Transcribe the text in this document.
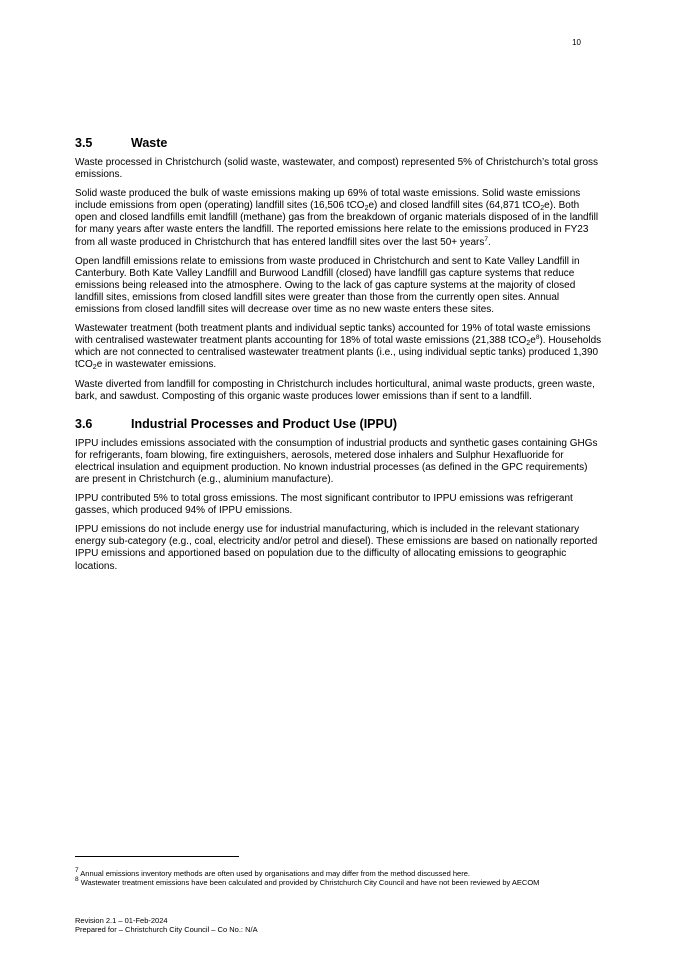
10
3.5	Waste

Waste processed in Christchurch (solid waste, wastewater, and compost) represented 5% of Christchurch’s total gross emissions.

Solid waste produced the bulk of waste emissions making up 69% of total waste emissions. Solid waste emissions include emissions from open (operating) landfill sites (16,506 tCO$_2$e) and closed landfill sites (64,871 tCO$_2$e). Both open and closed landfills emit landfill (methane) gas from the breakdown of organic materials disposed of in the landfill for many years after waste enters the landfill. The reported emissions here relate to the emissions produced in FY23 from all waste produced in Christchurch that has entered landfill sites over the last 50+ years$^7$.

Open landfill emissions relate to emissions from waste produced in Christchurch and sent to Kate Valley Landfill in Canterbury. Both Kate Valley Landfill and Burwood Landfill (closed) have landfill gas capture systems that reduce emissions being released into the atmosphere. Owing to the lack of gas capture systems at the majority of closed landfill sites, emissions from closed landfill sites were greater than those from the currently open sites. Annual emissions from closed landfill sites will decrease over time as no new waste enters these sites.

Wastewater treatment (both treatment plants and individual septic tanks) accounted for 19% of total waste emissions with centralised wastewater treatment plants accounting for 18% of total waste emissions (21,388 $tCO_2e^8$). Households which are not connected to centralised wastewater treatment plants (i.e., using individual septic tanks) produced 1,390 tCO$_2$e in wastewater emissions.

Waste diverted from landfill for composting in Christchurch includes horticultural, animal waste products, green waste, bark, and sawdust. Composting of this organic waste produces lower emissions than if sent to a landfill.

3.6	Industrial Processes and Product Use (IPPU)

IPPU includes emissions associated with the consumption of industrial products and synthetic gases containing GHGs for refrigerants, foam blowing, fire extinguishers, aerosols, metered dose inhalers and Sulphur Hexafluoride for electrical insulation and equipment production. No known industrial processes (as defined in the GPC requirements) are present in Christchurch (e.g., aluminium manufacture).

IPPU contributed 5% to total gross emissions. The most significant contributor to IPPU emissions was refrigerant gasses, which produced 94% of IPPU emissions.

IPPU emissions do not include energy use for industrial manufacturing, which is included in the relevant stationary energy sub-category (e.g., coal, electricity and/or petrol and diesel). These emissions are based on nationally reported IPPU emissions and apportioned based on population due to the difficulty of allocating emissions to geographic locations.

$^7$ Annual emissions inventory methods are often used by organisations and may differ from the method discussed here.
$^8$ Wastewater treatment emissions have been calculated and provided by Christchurch City Council and have not been reviewed by AECOM
Revision 2.1 – 01-Feb-2024
Prepared for – Christchurch City Council – Co No.: N/A
